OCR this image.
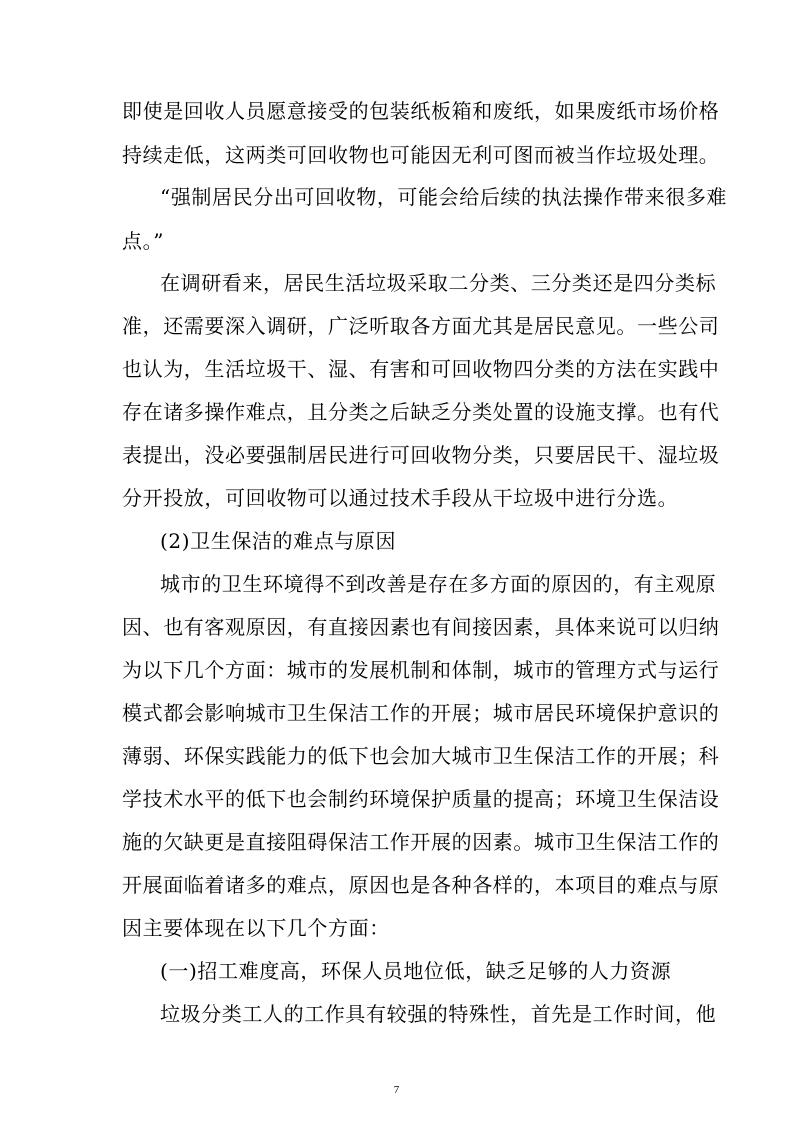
即使是回收人员愿意接受的包装纸板箱和废纸，如果废纸市场价格
持续走低，这两类可回收物也可能因无利可图而被当作垃圾处理。
“强制居民分出可回收物，可能会给后续的执法操作带来很多难
点。”
在调研看来，居民生活垃圾采取二分类、三分类还是四分类标
准，还需要深入调研，广泛听取各方面尤其是居民意见。一些公司
也认为，生活垃圾干、湿、有害和可回收物四分类的方法在实践中
存在诸多操作难点，且分类之后缺乏分类处置的设施支撑。也有代
表提出，没必要强制居民进行可回收物分类，只要居民干、湿垃圾
分开投放，可回收物可以通过技术手段从干垃圾中进行分选。
(2)卫生保洁的难点与原因
城市的卫生环境得不到改善是存在多方面的原因的，有主观原
因、也有客观原因，有直接因素也有间接因素，具体来说可以归纳
为以下几个方面：城市的发展机制和体制，城市的管理方式与运行
模式都会影响城市卫生保洁工作的开展；城市居民环境保护意识的
薄弱、环保实践能力的低下也会加大城市卫生保洁工作的开展；科
学技术水平的低下也会制约环境保护质量的提高；环境卫生保洁设
施的欠缺更是直接阻碍保洁工作开展的因素。城市卫生保洁工作的
开展面临着诸多的难点，原因也是各种各样的，本项目的难点与原
因主要体现在以下几个方面：
(一)招工难度高，环保人员地位低，缺乏足够的人力资源
垃圾分类工人的工作具有较强的特殊性，首先是工作时间，他
7
